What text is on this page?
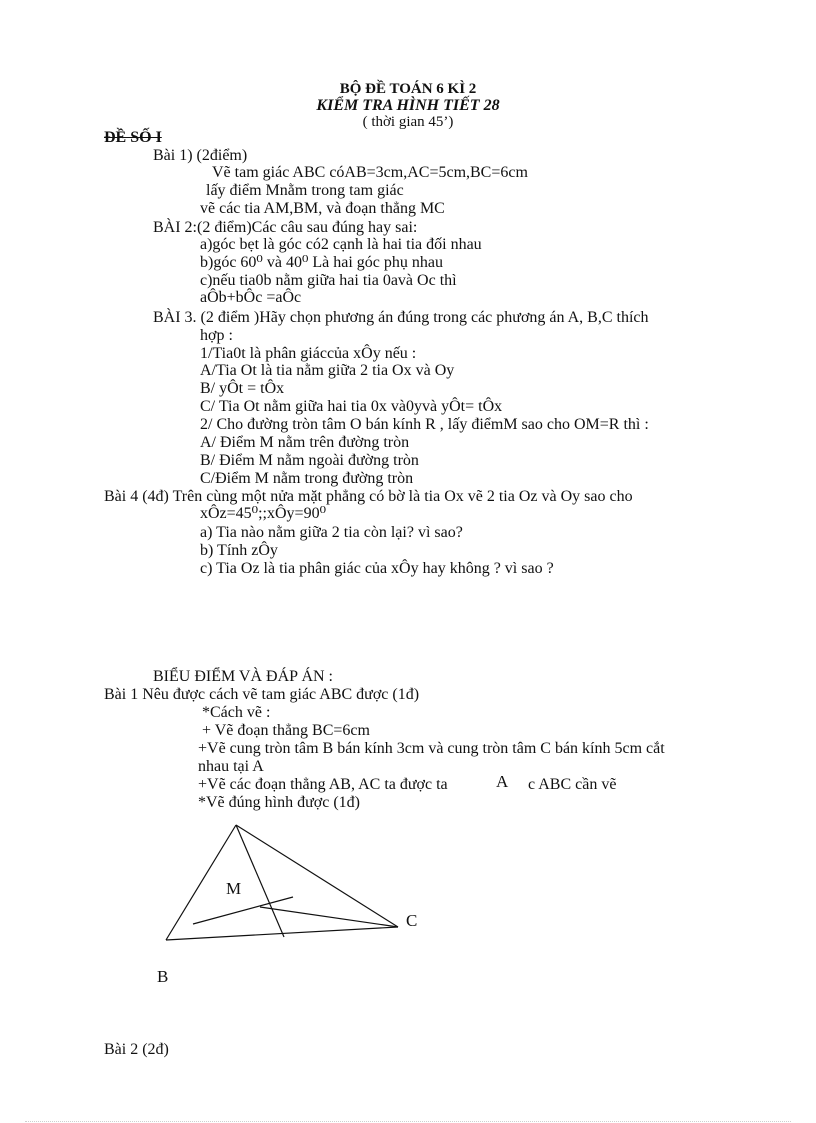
BỘ ĐỀ TOÁN 6 KÌ 2
KIỂM TRA HÌNH TIẾT 28
( thời gian 45’)
ĐỀ SỐ I
Bài 1) (2điểm)
Vẽ tam giác ABC cóAB=3cm,AC=5cm,BC=6cm
lấy điểm Mnằm trong tam giác
vẽ các tia AM,BM, và đoạn thẳng MC
BÀI 2:(2 điểm)Các câu sau đúng hay sai:
a)góc bẹt là góc có2 cạnh là hai tia đối nhau
b)góc 60⁰ và 40⁰ Là hai góc phụ nhau
c)nếu tia0b nằm giữa hai tia 0avà Oc thì
aÔb+bÔc =aÔc
BÀI 3. (2 điểm )Hãy chọn phương án đúng trong các phương án A, B,C thích
hợp :
1/Tia0t là phân giáccủa xÔy nếu :
A/Tia Ot là tia nằm giữa 2 tia Ox và Oy
B/ yÔt = tÔx
C/ Tia Ot nằm giữa hai tia 0x và0yvà yÔt= tÔx
2/ Cho đường tròn tâm O bán kính R , lấy điểmM sao cho OM=R thì :
A/ Điểm M nằm trên đường tròn
B/ Điểm M nằm ngoài đường tròn
C/Điểm M nằm trong đường tròn
Bài 4 (4đ) Trên cùng một nửa mặt phẳng có bờ là tia Ox vẽ 2 tia Oz và Oy sao cho
xÔz=45⁰;;xÔy=90⁰
a) Tia nào nằm giữa 2 tia còn lại? vì sao?
b) Tính zÔy
c) Tia Oz là tia phân giác của xÔy hay không ? vì sao ?
BIỂU ĐIỂM VÀ ĐÁP ÁN :
Bài 1 Nêu được cách vẽ tam giác ABC được (1đ)
*Cách vẽ :
+ Vẽ đoạn thẳng BC=6cm
+Vẽ cung tròn tâm B bán kính 3cm và cung tròn tâm C bán kính 5cm cắt
nhau tại A
+Vẽ các đoạn thẳng AB, AC ta được ta	A c ABC cần vẽ
*Vẽ đúng hình được (1đ)
M
C
B
Bài 2 (2đ)
